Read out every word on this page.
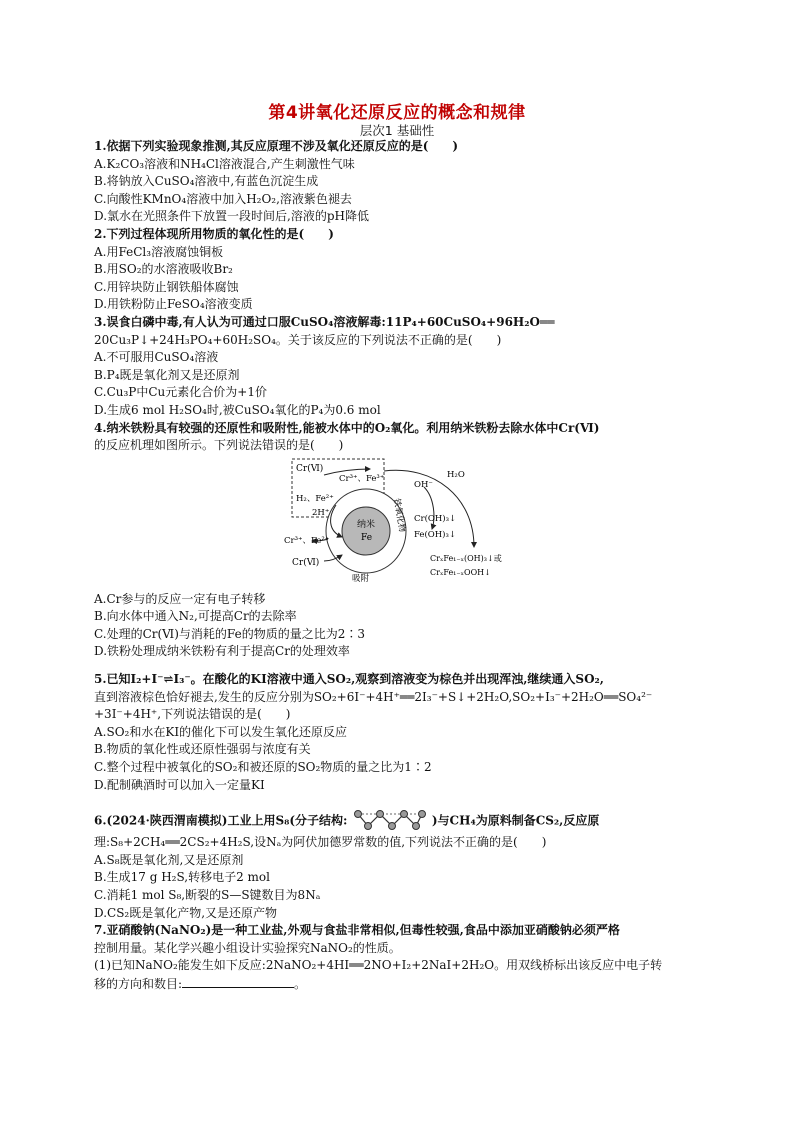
第4讲氧化还原反应的概念和规律
层次1 基础性
1.依据下列实验现象推测,其反应原理不涉及氧化还原反应的是(　　)
A.K₂CO₃溶液和NH₄Cl溶液混合,产生刺激性气味
B.将钠放入CuSO₄溶液中,有蓝色沉淀生成
C.向酸性KMnO₄溶液中加入H₂O₂,溶液紫色褪去
D.氯水在光照条件下放置一段时间后,溶液的pH降低
2.下列过程体现所用物质的氧化性的是(　　)
A.用FeCl₃溶液腐蚀铜板
B.用SO₂的水溶液吸收Br₂
C.用锌块防止钢铁船体腐蚀
D.用铁粉防止FeSO₄溶液变质
3.误食白磷中毒,有人认为可通过口服CuSO₄溶液解毒:11P₄+60CuSO₄+96H₂O══
20Cu₃P↓+24H₃PO₄+60H₂SO₄。关于该反应的下列说法不正确的是(　　)
A.不可服用CuSO₄溶液
B.P₄既是氧化剂又是还原剂
C.Cu₃P中Cu元素化合价为+1价
D.生成6 mol H₂SO₄时,被CuSO₄氧化的P₄为0.6 mol
4.纳米铁粉具有较强的还原性和吸附性,能被水体中的O₂氧化。利用纳米铁粉去除水体中Cr(Ⅵ)
的反应机理如图所示。下列说法错误的是(　　)
Cr(Ⅵ)
Cr³⁺、Fe³⁺
H₂、Fe²⁺
2H⁺
Cr³⁺、Fe²⁺
Cr(Ⅵ)
纳米
Fe
铁氧化物
吸附
OH⁻
H₂O
Cr(OH)₃↓
Fe(OH)₃↓
CrₓFe₁₋ₓ(OH)₃↓或
CrₓFe₁₋ₓOOH↓
A.Cr参与的反应一定有电子转移
B.向水体中通入N₂,可提高Cr的去除率
C.处理的Cr(Ⅵ)与消耗的Fe的物质的量之比为2∶3
D.铁粉处理成纳米铁粉有利于提高Cr的处理效率
5.已知I₂+I⁻⇌I₃⁻。在酸化的KI溶液中通入SO₂,观察到溶液变为棕色并出现浑浊,继续通入SO₂,
直到溶液棕色恰好褪去,发生的反应分别为SO₂+6I⁻+4H⁺══2I₃⁻+S↓+2H₂O,SO₂+I₃⁻+2H₂O══SO₄²⁻
+3I⁻+4H⁺,下列说法错误的是(　　)
A.SO₂和水在KI的催化下可以发生氧化还原反应
B.物质的氧化性或还原性强弱与浓度有关
C.整个过程中被氧化的SO₂和被还原的SO₂物质的量之比为1∶2
D.配制碘酒时可以加入一定量KI
6.(2024·陕西渭南模拟)工业上用S₈(分子结构:	)与CH₄为原料制备CS₂,反应原
理:S₈+2CH₄══2CS₂+4H₂S,设Nₐ为阿伏加德罗常数的值,下列说法不正确的是(　　)
A.S₈既是氧化剂,又是还原剂
B.生成17 g H₂S,转移电子2 mol
C.消耗1 mol S₈,断裂的S—S键数目为8Nₐ
D.CS₂既是氧化产物,又是还原产物
7.亚硝酸钠(NaNO₂)是一种工业盐,外观与食盐非常相似,但毒性较强,食品中添加亚硝酸钠必须严格
控制用量。某化学兴趣小组设计实验探究NaNO₂的性质。
(1)已知NaNO₂能发生如下反应:2NaNO₂+4HI══2NO+I₂+2NaI+2H₂O。用双线桥标出该反应中电子转
移的方向和数目:	。
